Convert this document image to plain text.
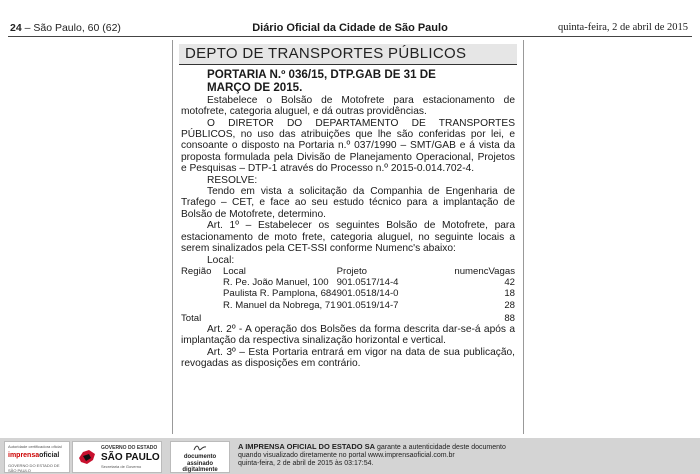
24 – São Paulo, 60 (62)	Diário Oficial da Cidade de São Paulo	quinta-feira, 2 de abril de 2015
DEPTO DE TRANSPORTES PÚBLICOS
PORTARIA N.º 036/15, DTP.GAB DE 31 DE
MARÇO DE 2015.

Estabelece o Bolsão de Motofrete para estacionamento de motofrete, categoria aluguel, e dá outras providências.

O DIRETOR DO DEPARTAMENTO DE TRANSPORTES PÚBLICOS, no uso das atribuições que lhe são conferidas por lei, e consoante o disposto na Portaria n.º 037/1990 – SMT/GAB e á vista da proposta formulada pela Divisão de Planejamento Operacional, Projetos e Pesquisas – DTP-1 através do Processo n.º 2015-0.014.702-4.

RESOLVE:

Tendo em vista a solicitação da Companhia de Engenharia de Trafego – CET, e face ao seu estudo técnico para a implantação de Bolsão de Motofrete, determino.

Art. 1º – Estabelecer os seguintes Bolsão de Motofrete, para estacionamento de moto frete, categoria aluguel, no seguinte locais a serem sinalizados pela CET-SSI conforme Numenc's abaixo:

Local:

Região	Local	Projeto	numenc	Vagas
	R. Pe. João Manuel, 100	901.0517/14-4		42
	Paulista R. Pamplona, 684	901.0518/14-0		18
	R. Manuel da Nobrega, 71	901.0519/14-7		28
Total				88

Art. 2º - A operação dos Bolsões da forma descrita dar-se-á após a implantação da respectiva sinalização horizontal e vertical.

Art. 3º – Esta Portaria entrará em vigor na data de sua publicação, revogadas as disposições em contrário.

Autoridade certificadora oficial
imprensaoficial
GOVERNO DO ESTADO DE SÃO PAULO
GOVERNO DO ESTADO
SÃO PAULO
Secretaria de Governo
documento
assinado
digitalmente
A IMPRENSA OFICIAL DO ESTADO SA garante a autenticidade deste documento
quando visualizado diretamente no portal www.imprensaoficial.com.br
quinta-feira, 2 de abril de 2015 às 03:17:54.
